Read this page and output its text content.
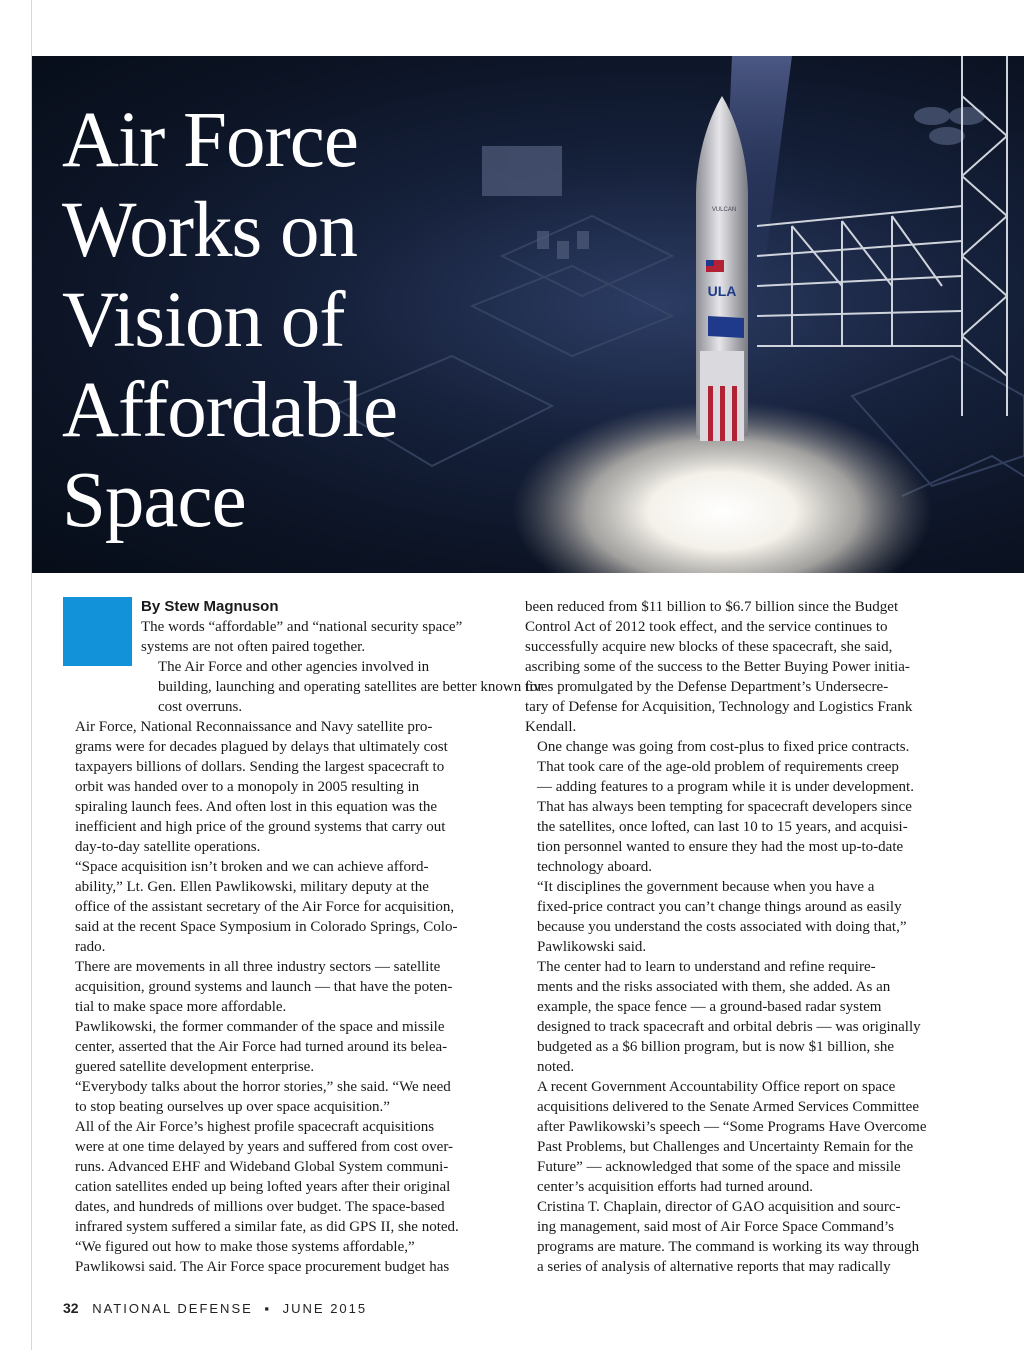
ULA
VULCAN
Air Force
Works on
Vision of
Affordable
Space

By Stew Magnuson

The words “affordable” and “national security space”
systems are not often paired together.

The Air Force and other agencies involved in
building, launching and operating satellites are better known for
cost overruns.

Air Force, National Reconnaissance and Navy satellite pro-
grams were for decades plagued by delays that ultimately cost
taxpayers billions of dollars. Sending the largest spacecraft to
orbit was handed over to a monopoly in 2005 resulting in
spiraling launch fees. And often lost in this equation was the
inefficient and high price of the ground systems that carry out
day-to-day satellite operations.

“Space acquisition isn’t broken and we can achieve afford-
ability,” Lt. Gen. Ellen Pawlikowski, military deputy at the
office of the assistant secretary of the Air Force for acquisition,
said at the recent Space Symposium in Colorado Springs, Colo-
rado.

There are movements in all three industry sectors — satellite
acquisition, ground systems and launch — that have the poten-
tial to make space more affordable.

Pawlikowski, the former commander of the space and missile
center, asserted that the Air Force had turned around its belea-
guered satellite development enterprise.

“Everybody talks about the horror stories,” she said. “We need
to stop beating ourselves up over space acquisition.”

All of the Air Force’s highest profile spacecraft acquisitions
were at one time delayed by years and suffered from cost over-
runs. Advanced EHF and Wideband Global System communi-
cation satellites ended up being lofted years after their original
dates, and hundreds of millions over budget. The space-based
infrared system suffered a similar fate, as did GPS II, she noted.

“We figured out how to make those systems affordable,”
Pawlikowsi said. The Air Force space procurement budget has

been reduced from $11 billion to $6.7 billion since the Budget
Control Act of 2012 took effect, and the service continues to
successfully acquire new blocks of these spacecraft, she said,
ascribing some of the success to the Better Buying Power initia-
tives promulgated by the Defense Department’s Undersecre-
tary of Defense for Acquisition, Technology and Logistics Frank
Kendall.

One change was going from cost-plus to fixed price contracts.
That took care of the age-old problem of requirements creep
— adding features to a program while it is under development.
That has always been tempting for spacecraft developers since
the satellites, once lofted, can last 10 to 15 years, and acquisi-
tion personnel wanted to ensure they had the most up-to-date
technology aboard.

“It disciplines the government because when you have a
fixed-price contract you can’t change things around as easily
because you understand the costs associated with doing that,”
Pawlikowski said.

The center had to learn to understand and refine require-
ments and the risks associated with them, she added. As an
example, the space fence — a ground-based radar system
designed to track spacecraft and orbital debris — was originally
budgeted as a $6 billion program, but is now $1 billion, she
noted.

A recent Government Accountability Office report on space
acquisitions delivered to the Senate Armed Services Committee
after Pawlikowski’s speech — “Some Programs Have Overcome
Past Problems, but Challenges and Uncertainty Remain for the
Future” — acknowledged that some of the space and missile
center’s acquisition efforts had turned around.

Cristina T. Chaplain, director of GAO acquisition and sourc-
ing management, said most of Air Force Space Command’s
programs are mature. The command is working its way through
a series of analysis of alternative reports that may radically

32 NATIONAL DEFENSE ▪ JUNE 2015
